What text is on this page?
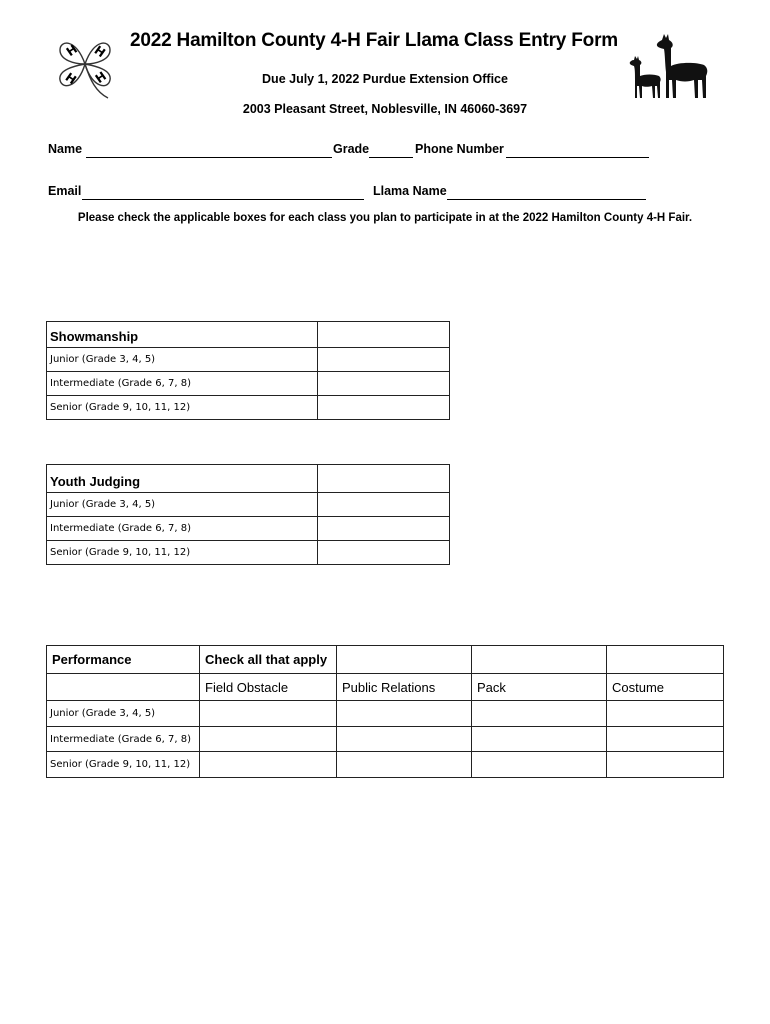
H H
H H
2022 Hamilton County 4-H Fair Llama Class Entry Form
Due July 1, 2022 Purdue Extension Office
2003 Pleasant Street, Noblesville, IN 46060-3697
Name	Grade	Phone Number
Email	Llama Name
Please check the applicable boxes for each class you plan to participate in at the 2022 Hamilton County 4-H Fair.
Showmanship	
Junior (Grade 3, 4, 5)	
Intermediate (Grade 6, 7, 8)	
Senior (Grade 9, 10, 11, 12)	
Youth Judging	
Junior (Grade 3, 4, 5)	
Intermediate (Grade 6, 7, 8)	
Senior (Grade 9, 10, 11, 12)	
Performance	Check all that apply			
	Field Obstacle	Public Relations	Pack	Costume
Junior (Grade 3, 4, 5)				
Intermediate (Grade 6, 7, 8)				
Senior (Grade 9, 10, 11, 12)				
